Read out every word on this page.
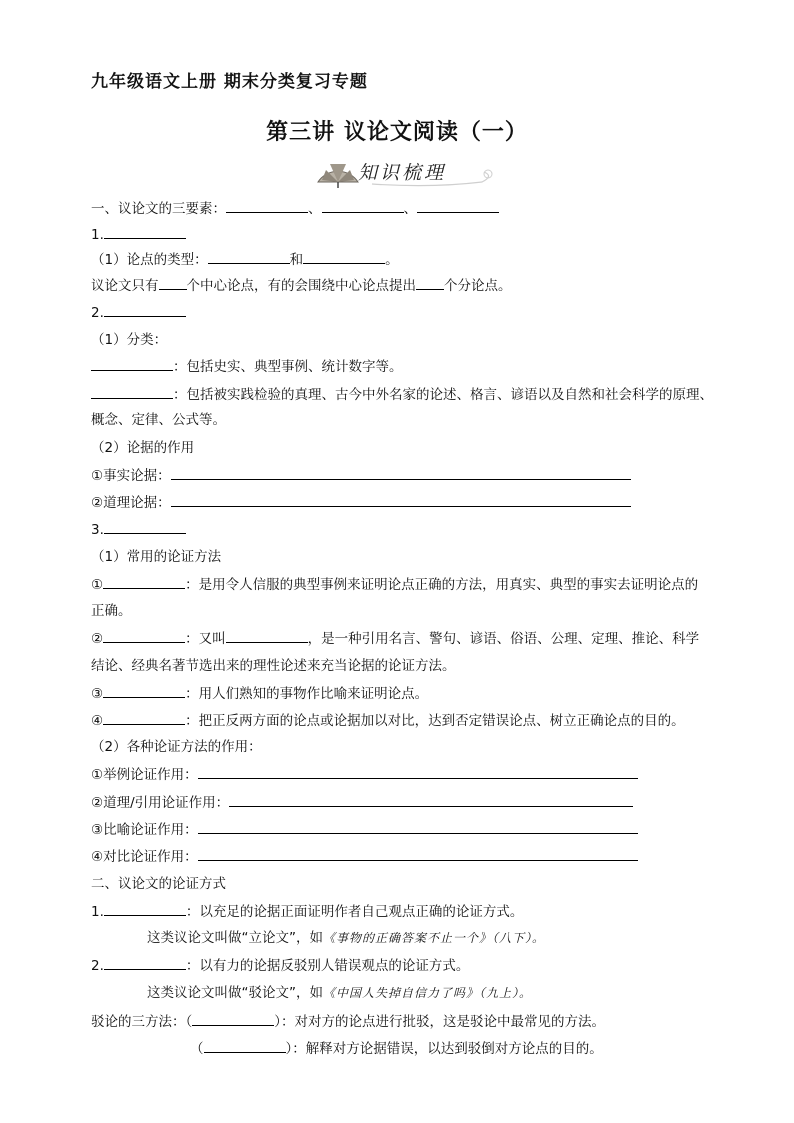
九年级语文上册 期末分类复习专题
第三讲 议论文阅读（一）
知识梳理
一、议论文的三要素：	、	、
1.
（1）论点的类型：	和	。
议论文只有 个中心论点，有的会围绕中心论点提出 个分论点。
2.
（1）分类：
：包括史实、典型事例、统计数字等。
：包括被实践检验的真理、古今中外名家的论述、格言、谚语以及自然和社会科学的原理、
概念、定律、公式等。
（2）论据的作用
①事实论据：
②道理论据：
3.
（1）常用的论证方法
①	：是用令人信服的典型事例来证明论点正确的方法，用真实、典型的事实去证明论点的
正确。
②	：又叫	，是一种引用名言、警句、谚语、俗语、公理、定理、推论、科学
结论、经典名著节选出来的理性论述来充当论据的论证方法。
③	：用人们熟知的事物作比喻来证明论点。
④	：把正反两方面的论点或论据加以对比，达到否定错误论点、树立正确论点的目的。
（2）各种论证方法的作用：
①举例论证作用：
②道理/引用论证作用：
③比喻论证作用：
④对比论证作用：
二、议论文的论证方式
1.	：以充足的论据正面证明作者自己观点正确的论证方式。
这类议论文叫做“立论文”，如《事物的正确答案不止一个》（八下）。
2.	：以有力的论据反驳别人错误观点的论证方式。
这类议论文叫做“驳论文”，如《中国人失掉自信力了吗》（九上）。
驳论的三方法：（	）：对对方的论点进行批驳，这是驳论中最常见的方法。
（	）：解释对方论据错误，以达到驳倒对方论点的目的。
